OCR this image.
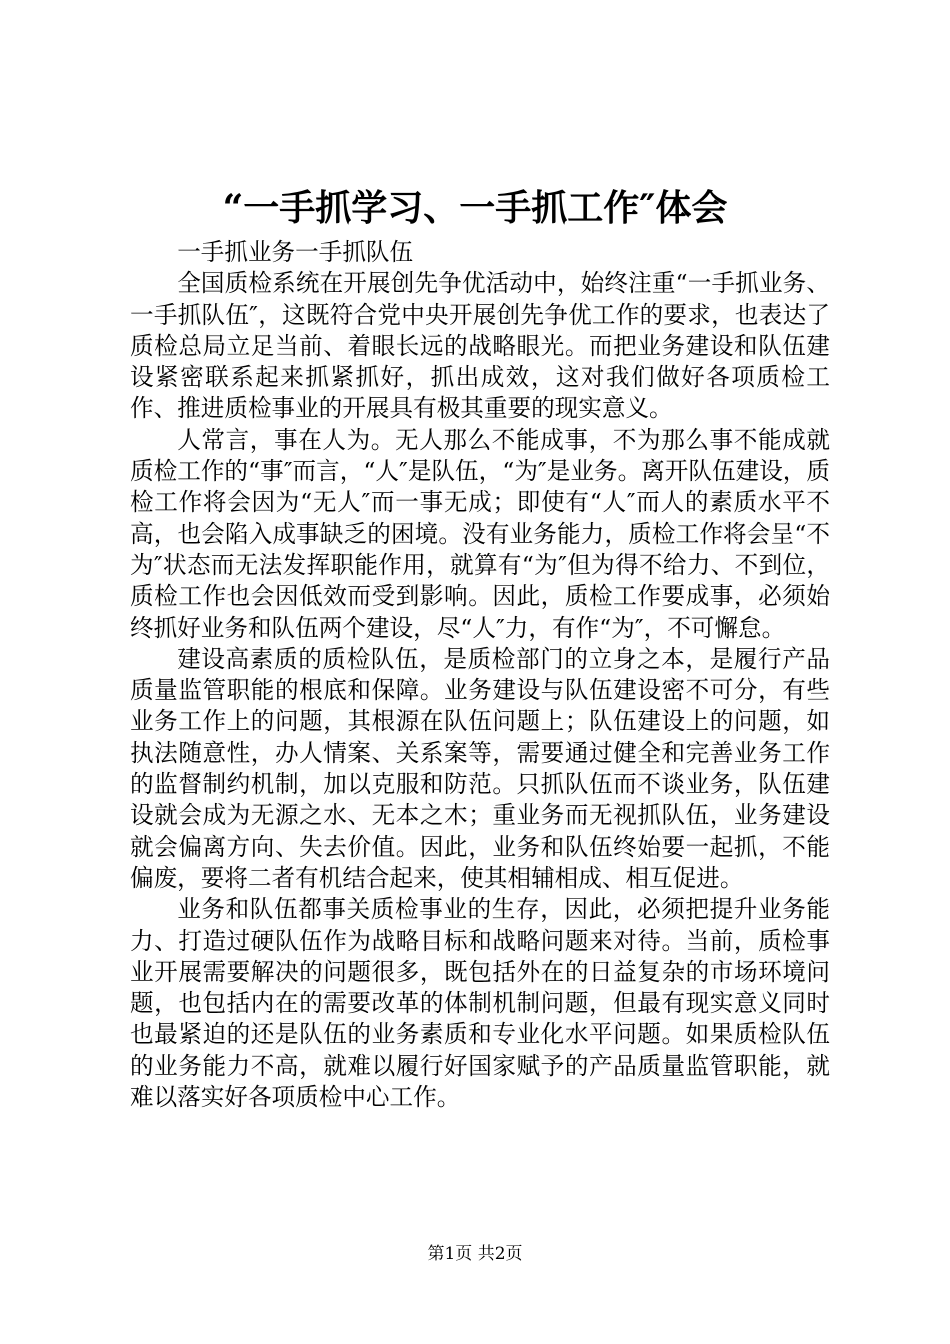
“一手抓学习、一手抓工作″体会
一手抓业务一手抓队伍

全国质检系统在开展创先争优活动中，始终注重“一手抓业务、一手抓队伍″，这既符合党中央开展创先争优工作的要求，也表达了质检总局立足当前、着眼长远的战略眼光。而把业务建设和队伍建设紧密联系起来抓紧抓好，抓出成效，这对我们做好各项质检工作、推进质检事业的开展具有极其重要的现实意义。

人常言，事在人为。无人那么不能成事，不为那么事不能成就质检工作的“事″而言，“人″是队伍，“为″是业务。离开队伍建设，质检工作将会因为“无人″而一事无成；即使有“人″而人的素质水平不高，也会陷入成事缺乏的困境。没有业务能力，质检工作将会呈“不为″状态而无法发挥职能作用，就算有“为″但为得不给力、不到位，质检工作也会因低效而受到影响。因此，质检工作要成事，必须始终抓好业务和队伍两个建设，尽“人″力，有作“为″，不可懈怠。

建设高素质的质检队伍，是质检部门的立身之本，是履行产品质量监管职能的根底和保障。业务建设与队伍建设密不可分，有些业务工作上的问题，其根源在队伍问题上；队伍建设上的问题，如执法随意性，办人情案、关系案等，需要通过健全和完善业务工作的监督制约机制，加以克服和防范。只抓队伍而不谈业务，队伍建设就会成为无源之水、无本之木；重业务而无视抓队伍，业务建设就会偏离方向、失去价值。因此，业务和队伍终始要一起抓，不能偏废，要将二者有机结合起来，使其相辅相成、相互促进。

业务和队伍都事关质检事业的生存，因此，必须把提升业务能力、打造过硬队伍作为战略目标和战略问题来对待。当前，质检事业开展需要解决的问题很多，既包括外在的日益复杂的市场环境问题，也包括内在的需要改革的体制机制问题，但最有现实意义同时也最紧迫的还是队伍的业务素质和专业化水平问题。如果质检队伍的业务能力不高，就难以履行好国家赋予的产品质量监管职能，就难以落实好各项质检中心工作。

第1页 共2页
